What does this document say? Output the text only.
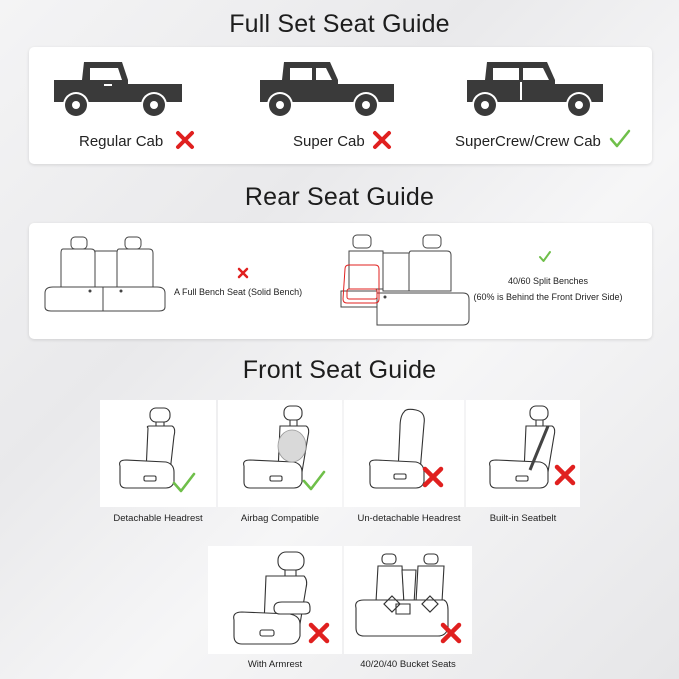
Full Set Seat Guide
Regular Cab	Super Cab	SuperCrew/Crew Cab
Rear Seat Guide
A Full Bench Seat (Solid Bench)
40/60 Split Benches
(60% is Behind the Front Driver Side)
Front Seat Guide
Detachable Headrest	Airbag Compatible	Un-detachable Headrest	Built-in Seatbelt
With Armrest	40/20/40 Bucket Seats
